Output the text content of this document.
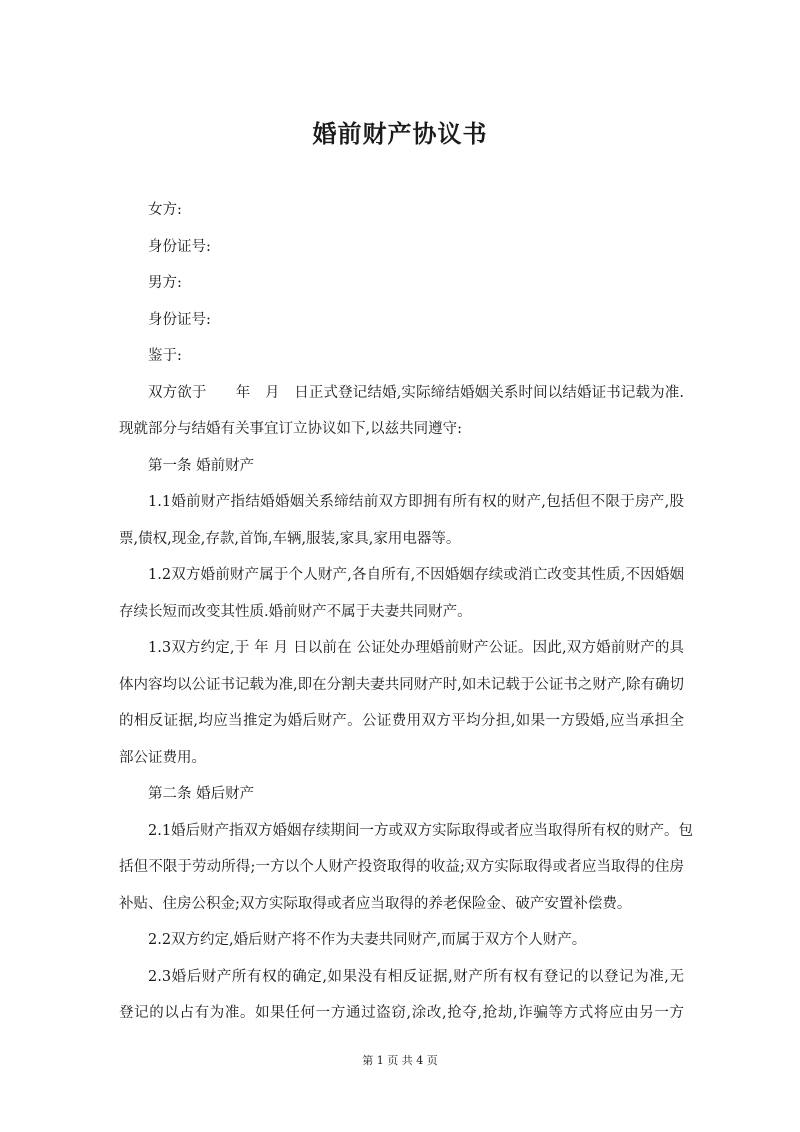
婚前财产协议书
女方:
身份证号:
男方:
身份证号:
鉴于:
双方欲于　　年　月　日正式登记结婚,实际缔结婚姻关系时间以结婚证书记载为准.
现就部分与结婚有关事宜订立协议如下,以兹共同遵守:
第一条 婚前财产
1.1婚前财产指结婚婚姻关系缔结前双方即拥有所有权的财产,包括但不限于房产,股
票,债权,现金,存款,首饰,车辆,服装,家具,家用电器等。
1.2双方婚前财产属于个人财产,各自所有,不因婚姻存续或消亡改变其性质,不因婚姻
存续长短而改变其性质.婚前财产不属于夫妻共同财产。
1.3双方约定,于 年 月 日以前在 公证处办理婚前财产公证。因此,双方婚前财产的具
体内容均以公证书记载为准,即在分割夫妻共同财产时,如未记载于公证书之财产,除有确切
的相反证据,均应当推定为婚后财产。公证费用双方平均分担,如果一方毁婚,应当承担全
部公证费用。
第二条 婚后财产
2.1婚后财产指双方婚姻存续期间一方或双方实际取得或者应当取得所有权的财产。包
括但不限于劳动所得;一方以个人财产投资取得的收益;双方实际取得或者应当取得的住房
补贴、住房公积金;双方实际取得或者应当取得的养老保险金、破产安置补偿费。
2.2双方约定,婚后财产将不作为夫妻共同财产,而属于双方个人财产。
2.3婚后财产所有权的确定,如果没有相反证据,财产所有权有登记的以登记为准,无
登记的以占有为准。如果任何一方通过盗窃,涂改,抢夺,抢劫,诈骗等方式将应由另一方
第 1 页 共 4 页
